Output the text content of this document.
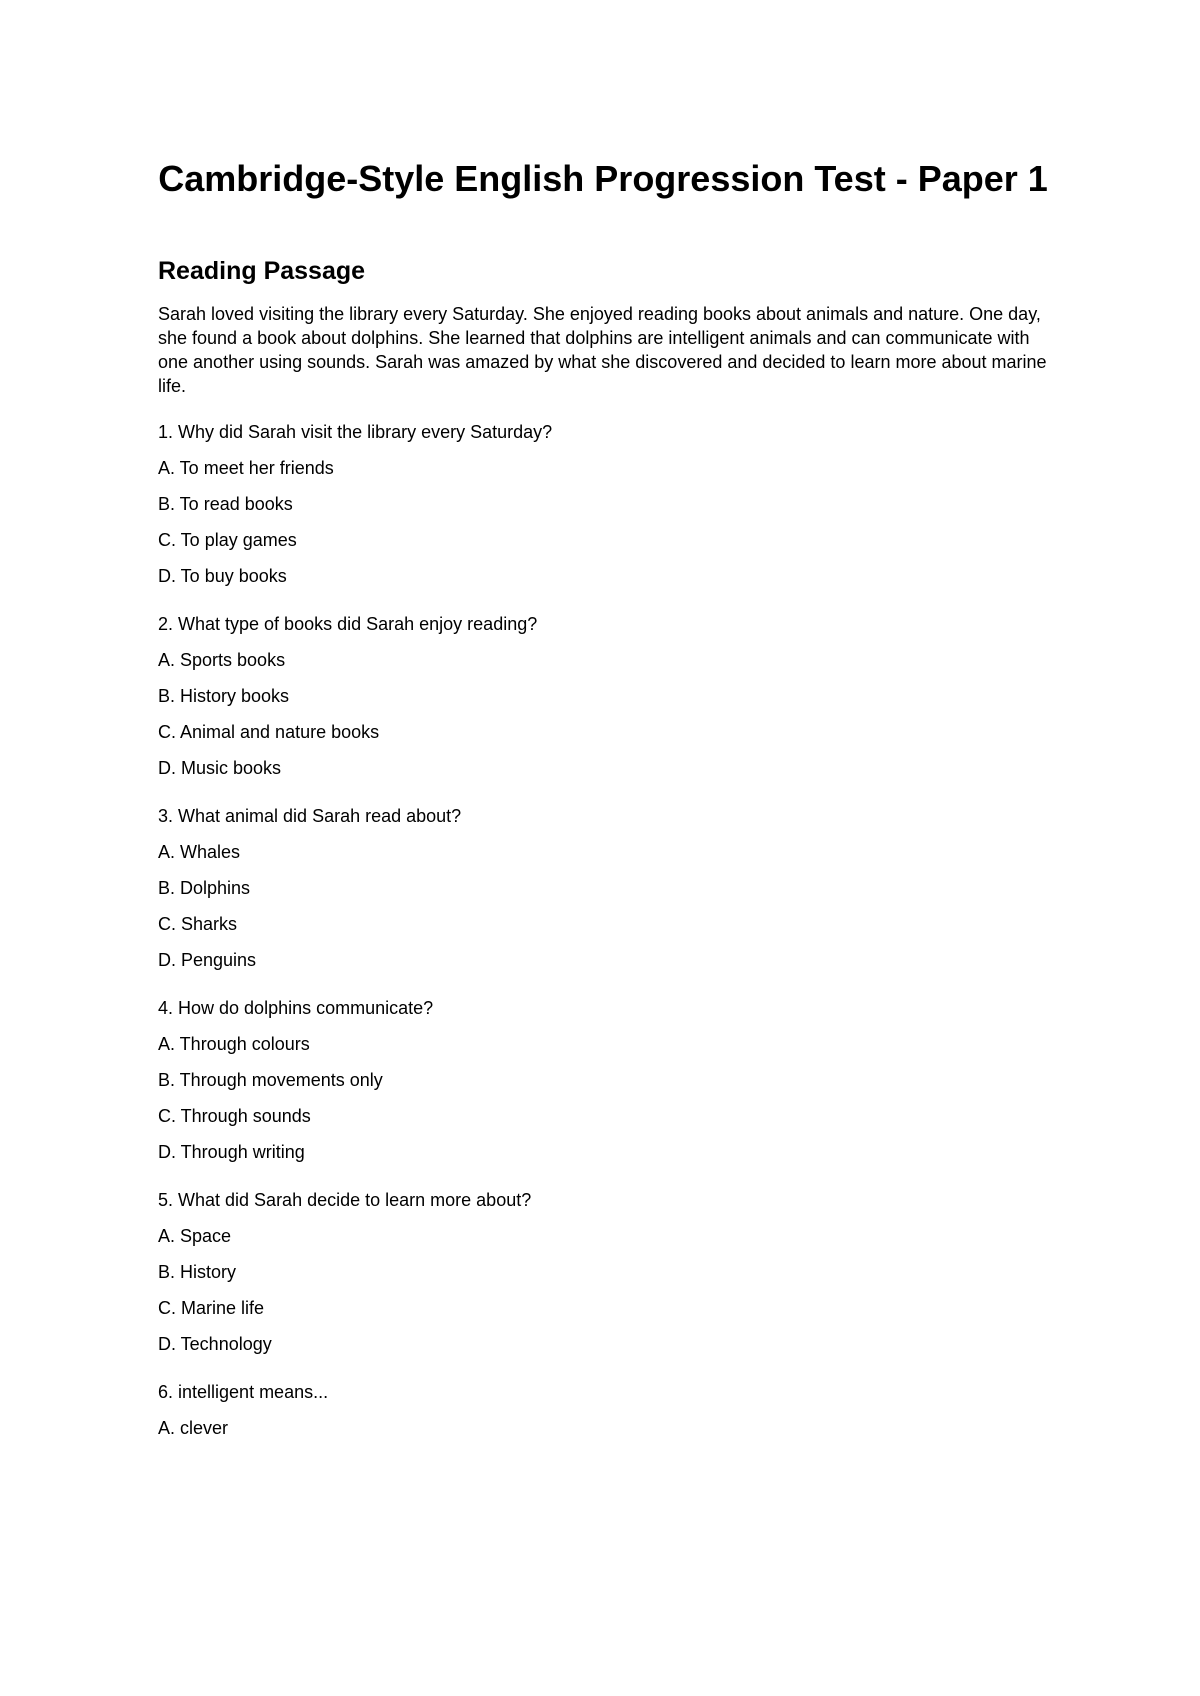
Cambridge-Style English Progression Test - Paper 1
Reading Passage

Sarah loved visiting the library every Saturday. She enjoyed reading books about animals and nature. One day, she found a book about dolphins. She learned that dolphins are intelligent animals and can communicate with one another using sounds. Sarah was amazed by what she discovered and decided to learn more about marine life.

1. Why did Sarah visit the library every Saturday?

A. To meet her friends

B. To read books

C. To play games

D. To buy books

2. What type of books did Sarah enjoy reading?

A. Sports books

B. History books

C. Animal and nature books

D. Music books

3. What animal did Sarah read about?

A. Whales

B. Dolphins

C. Sharks

D. Penguins

4. How do dolphins communicate?

A. Through colours

B. Through movements only

C. Through sounds

D. Through writing

5. What did Sarah decide to learn more about?

A. Space

B. History

C. Marine life

D. Technology

6. intelligent means...

A. clever
